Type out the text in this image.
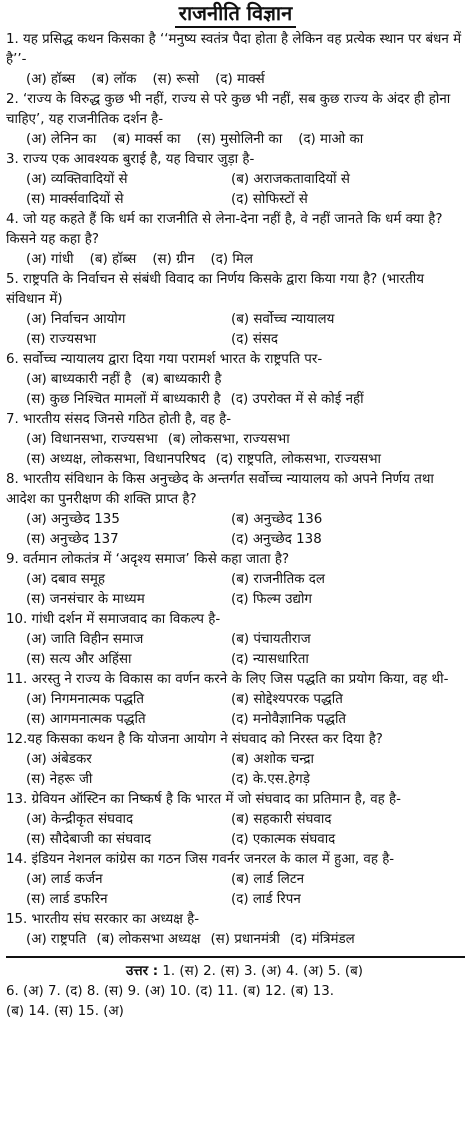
राजनीति विज्ञान
1. यह प्रसिद्ध कथन किसका है ‘‘मनुष्य स्वतंत्र पैदा होता है लेकिन वह प्रत्येक स्थान पर बंधन में है’’-
(अ) हॉब्स (ब) लॉक (स) रूसो (द) मार्क्स
2. ‘राज्य के विरुद्ध कुछ भी नहीं, राज्य से परे कुछ भी नहीं, सब कुछ राज्य के अंदर ही होना चाहिए’, यह राजनीतिक दर्शन है-
(अ) लेनिन का (ब) मार्क्स का (स) मुसोलिनी का (द) माओ का
3. राज्य एक आवश्यक बुराई है, यह विचार जुड़ा है-
(अ) व्यक्तिवादियों से	(ब) अराजकतावादियों से
(स) मार्क्सवादियों से	(द) सोफिस्टों से
4. जो यह कहते हैं कि धर्म का राजनीति से लेना-देना नहीं है, वे नहीं जानते कि धर्म क्या है? किसने यह कहा है?
(अ) गांधी (ब) हॉब्स (स) ग्रीन (द) मिल
5. राष्ट्रपति के निर्वाचन से संबंधी विवाद का निर्णय किसके द्वारा किया गया है? (भारतीय संविधान में)
(अ) निर्वाचन आयोग	(ब) सर्वोच्च न्यायालय
(स) राज्यसभा	(द) संसद
6. सर्वोच्च न्यायालय द्वारा दिया गया परामर्श भारत के राष्ट्रपति पर-
(अ) बाध्यकारी नहीं है (ब) बाध्यकारी है
(स) कुछ निश्चित मामलों में बाध्यकारी है (द) उपरोक्त में से कोई नहीं
7. भारतीय संसद जिनसे गठित होती है, वह है-
(अ) विधानसभा, राज्यसभा (ब) लोकसभा, राज्यसभा
(स) अध्यक्ष, लोकसभा, विधानपरिषद (द) राष्ट्रपति, लोकसभा, राज्यसभा
8. भारतीय संविधान के किस अनुच्छेद के अन्तर्गत सर्वोच्च न्यायालय को अपने निर्णय तथा आदेश का पुनरीक्षण की शक्ति प्राप्त है?
(अ) अनुच्छेद 135	(ब) अनुच्छेद 136
(स) अनुच्छेद 137	(द) अनुच्छेद 138
9. वर्तमान लोकतंत्र में ‘अदृश्य समाज’ किसे कहा जाता है?
(अ) दबाव समूह	(ब) राजनीतिक दल
(स) जनसंचार के माध्यम	(द) फिल्म उद्योग
10. गांधी दर्शन में समाजवाद का विकल्प है-
(अ) जाति विहीन समाज	(ब) पंचायतीराज
(स) सत्य और अहिंसा	(द) न्यासधारिता
11. अरस्तु ने राज्य के विकास का वर्णन करने के लिए जिस पद्धति का प्रयोग किया, वह थी-
(अ) निगमनात्मक पद्धति	(ब) सोद्देश्यपरक पद्धति
(स) आगमनात्मक पद्धति	(द) मनोवैज्ञानिक पद्धति
12.यह किसका कथन है कि योजना आयोग ने संघवाद को निरस्त कर दिया है?
(अ) अंबेडकर	(ब) अशोक चन्द्रा
(स) नेहरू जी	(द) के.एस.हेगड़े
13. ग्रेवियन ऑस्टिन का निष्कर्ष है कि भारत में जो संघवाद का प्रतिमान है, वह है-
(अ) केन्द्रीकृत संघवाद	(ब) सहकारी संघवाद
(स) सौदेबाजी का संघवाद	(द) एकात्मक संघवाद
14. इंडियन नेशनल कांग्रेस का गठन जिस गवर्नर जनरल के काल में हुआ, वह है-
(अ) लार्ड कर्जन	(ब) लार्ड लिटन
(स) लार्ड डफरिन	(द) लार्ड रिपन
15. भारतीय संघ सरकार का अध्यक्ष है-
(अ) राष्ट्रपति (ब) लोकसभा अध्यक्ष (स) प्रधानमंत्री (द) मंत्रिमंडल
उत्तर : 1. (स) 2. (स) 3. (अ) 4. (अ) 5. (ब)
6. (अ) 7. (द) 8. (स) 9. (अ) 10. (द) 11. (ब) 12. (ब) 13.
(ब) 14. (स) 15. (अ)
